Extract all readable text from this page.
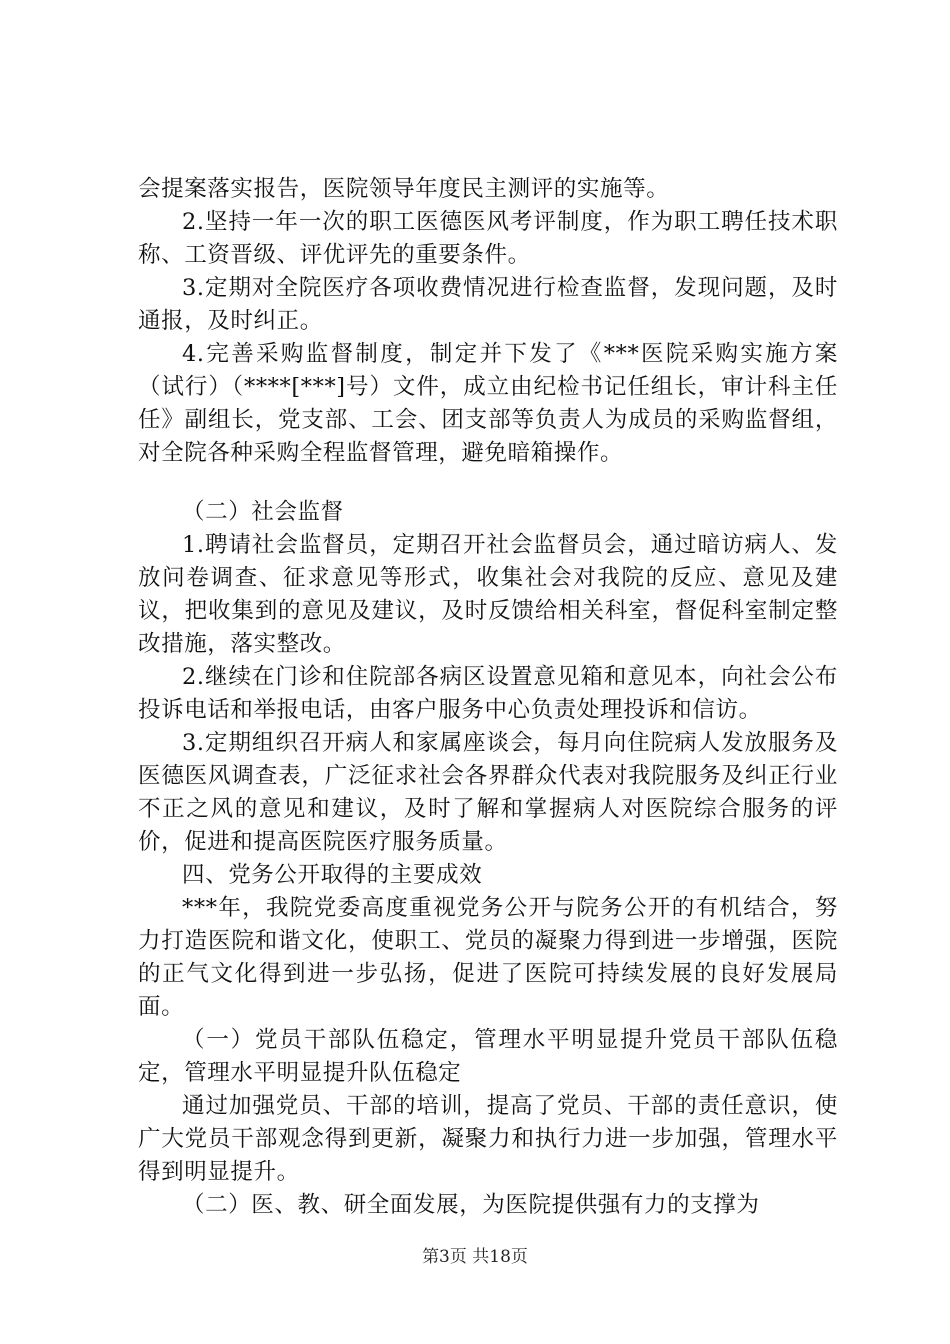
会提案落实报告，医院领导年度民主测评的实施等。

2.坚持一年一次的职工医德医风考评制度，作为职工聘任技术职称、工资晋级、评优评先的重要条件。

3.定期对全院医疗各项收费情况进行检查监督，发现问题，及时通报，及时纠正。

4.完善采购监督制度，制定并下发了《***医院采购实施方案（试行）（****[***]号）文件，成立由纪检书记任组长，审计科主任任》副组长，党支部、工会、团支部等负责人为成员的采购监督组，对全院各种采购全程监督管理，避免暗箱操作。

（二）社会监督

1.聘请社会监督员，定期召开社会监督员会，通过暗访病人、发放问卷调查、征求意见等形式，收集社会对我院的反应、意见及建议，把收集到的意见及建议，及时反馈给相关科室，督促科室制定整改措施，落实整改。

2.继续在门诊和住院部各病区设置意见箱和意见本，向社会公布投诉电话和举报电话，由客户服务中心负责处理投诉和信访。

3.定期组织召开病人和家属座谈会，每月向住院病人发放服务及医德医风调查表，广泛征求社会各界群众代表对我院服务及纠正行业不正之风的意见和建议，及时了解和掌握病人对医院综合服务的评价，促进和提高医院医疗服务质量。

四、党务公开取得的主要成效

***年，我院党委高度重视党务公开与院务公开的有机结合，努力打造医院和谐文化，使职工、党员的凝聚力得到进一步增强，医院的正气文化得到进一步弘扬，促进了医院可持续发展的良好发展局面。

（一）党员干部队伍稳定，管理水平明显提升党员干部队伍稳定，管理水平明显提升队伍稳定

通过加强党员、干部的培训，提高了党员、干部的责任意识，使广大党员干部观念得到更新，凝聚力和执行力进一步加强，管理水平得到明显提升。

（二）医、教、研全面发展，为医院提供强有力的支撑为

第3页 共18页
